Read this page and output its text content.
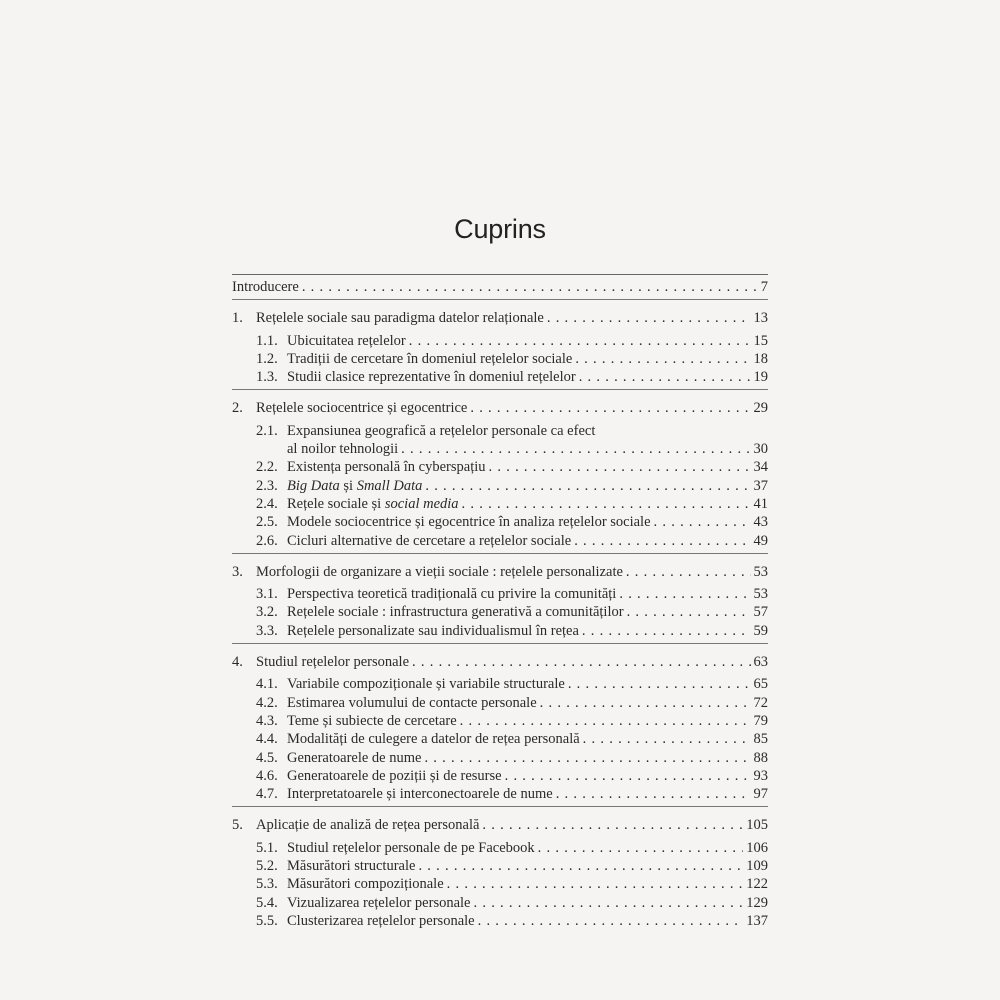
Cuprins
Introducere . . .	7
1. Rețelele sociale sau paradigma datelor relaționale . . .	13
1.1. Ubicuitatea rețelelor . . .	15
1.2. Tradiții de cercetare în domeniul rețelelor sociale . . .	18
1.3. Studii clasice reprezentative în domeniul rețelelor . . .	19
2. Rețelele sociocentrice și egocentrice . . .	29
2.1. Expansiunea geografică a rețelelor personale ca efect
al noilor tehnologii . . .	30
2.2. Existența personală în cyberspațiu . . .	34
2.3. Big Data și Small Data . . .	37
2.4. Rețele sociale și social media . . .	41
2.5. Modele sociocentrice și egocentrice în analiza rețelelor sociale . . .	43
2.6. Cicluri alternative de cercetare a rețelelor sociale . . .	49
3. Morfologii de organizare a vieții sociale : rețelele personalizate . . .	53
3.1. Perspectiva teoretică tradițională cu privire la comunități . . .	53
3.2. Rețelele sociale : infrastructura generativă a comunităților . . .	57
3.3. Rețelele personalizate sau individualismul în rețea . . .	59
4. Studiul rețelelor personale . . .	63
4.1. Variabile compoziționale și variabile structurale . . .	65
4.2. Estimarea volumului de contacte personale . . .	72
4.3. Teme și subiecte de cercetare . . .	79
4.4. Modalități de culegere a datelor de rețea personală . . .	85
4.5. Generatoarele de nume . . .	88
4.6. Generatoarele de poziții și de resurse . . .	93
4.7. Interpretatoarele și interconectoarele de nume . . .	97
5. Aplicație de analiză de rețea personală . . .	105
5.1. Studiul rețelelor personale de pe Facebook . . .	106
5.2. Măsurători structurale . . .	109
5.3. Măsurători compoziționale . . .	122
5.4. Vizualizarea rețelelor personale . . .	129
5.5. Clusterizarea rețelelor personale . . .	137
